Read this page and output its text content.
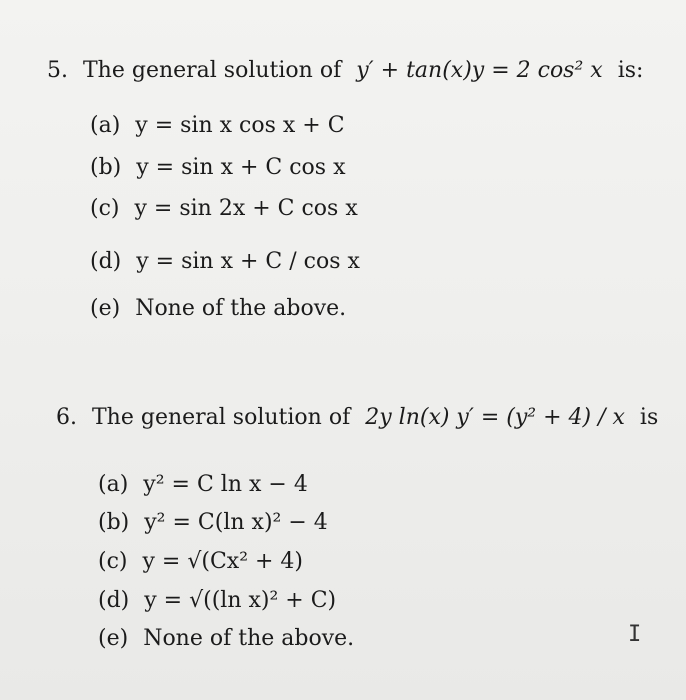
5. The general solution of y′ + tan(x)y = 2 cos² x is:
(a) y = sin x cos x + C
(b) y = sin x + C cos x
(c) y = sin 2x + C cos x
(d) y = sin x + C / cos x
(e) None of the above.
6. The general solution of 2y ln(x) y′ = (y² + 4) / x is
(a) y² = C ln x − 4
(b) y² = C(ln x)² − 4
(c) y = √(Cx² + 4)
(d) y = √((ln x)² + C)
(e) None of the above.	I
